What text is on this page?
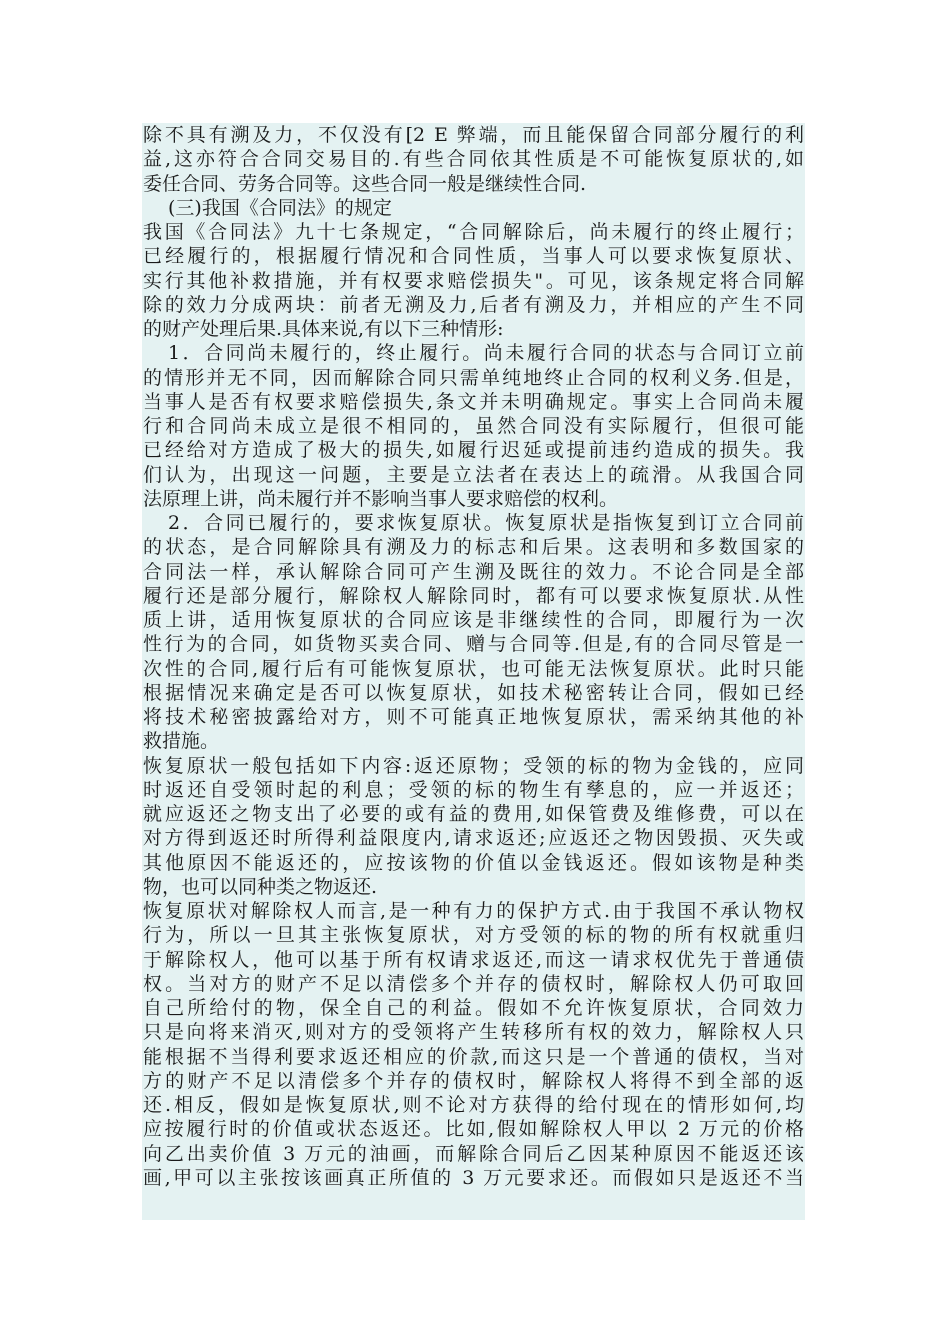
除不具有溯及力，不仅没有[2 E 弊端，而且能保留合同部分履行的利
益,这亦符合合同交易目的.有些合同依其性质是不可能恢复原状的,如
委任合同、劳务合同等。这些合同一般是继续性合同.
(三)我国《合同法》的规定
我国《合同法》九十七条规定，“合同解除后，尚未履行的终止履行；
已经履行的，根据履行情况和合同性质，当事人可以要求恢复原状、
实行其他补救措施，并有权要求赔偿损失"。可见，该条规定将合同解
除的效力分成两块：前者无溯及力,后者有溯及力，并相应的产生不同
的财产处理后果.具体来说,有以下三种情形:
1．合同尚未履行的，终止履行。尚未履行合同的状态与合同订立前
的情形并无不同，因而解除合同只需单纯地终止合同的权利义务.但是，
当事人是否有权要求赔偿损失,条文并未明确规定。事实上合同尚未履
行和合同尚未成立是很不相同的，虽然合同没有实际履行，但很可能
已经给对方造成了极大的损失,如履行迟延或提前违约造成的损失。我
们认为，出现这一问题，主要是立法者在表达上的疏滑。从我国合同
法原理上讲，尚未履行并不影响当事人要求赔偿的权利。
2．合同已履行的，要求恢复原状。恢复原状是指恢复到订立合同前
的状态，是合同解除具有溯及力的标志和后果。这表明和多数国家的
合同法一样，承认解除合同可产生溯及既往的效力。不论合同是全部
履行还是部分履行，解除权人解除同时，都有可以要求恢复原状.从性
质上讲，适用恢复原状的合同应该是非继续性的合同，即履行为一次
性行为的合同，如货物买卖合同、赠与合同等.但是,有的合同尽管是一
次性的合同,履行后有可能恢复原状，也可能无法恢复原状。此时只能
根据情况来确定是否可以恢复原状，如技术秘密转让合同，假如已经
将技术秘密披露给对方，则不可能真正地恢复原状，需采纳其他的补
救措施。
恢复原状一般包括如下内容:返还原物；受领的标的物为金钱的，应同
时返还自受领时起的利息；受领的标的物生有孳息的，应一并返还；
就应返还之物支出了必要的或有益的费用,如保管费及维修费，可以在
对方得到返还时所得利益限度内,请求返还;应返还之物因毁损、灭失或
其他原因不能返还的，应按该物的价值以金钱返还。假如该物是种类
物，也可以同种类之物返还.
恢复原状对解除权人而言,是一种有力的保护方式.由于我国不承认物权
行为，所以一旦其主张恢复原状，对方受领的标的物的所有权就重归
于解除权人，他可以基于所有权请求返还,而这一请求权优先于普通债
权。当对方的财产不足以清偿多个并存的债权时，解除权人仍可取回
自己所给付的物，保全自己的利益。假如不允许恢复原状，合同效力
只是向将来消灭,则对方的受领将产生转移所有权的效力，解除权人只
能根据不当得利要求返还相应的价款,而这只是一个普通的债权，当对
方的财产不足以清偿多个并存的债权时，解除权人将得不到全部的返
还.相反，假如是恢复原状,则不论对方获得的给付现在的情形如何,均
应按履行时的价值或状态返还。比如,假如解除权人甲以 2 万元的价格
向乙出卖价值 3 万元的油画，而解除合同后乙因某种原因不能返还该
画,甲可以主张按该画真正所值的 3 万元要求还。而假如只是返还不当
